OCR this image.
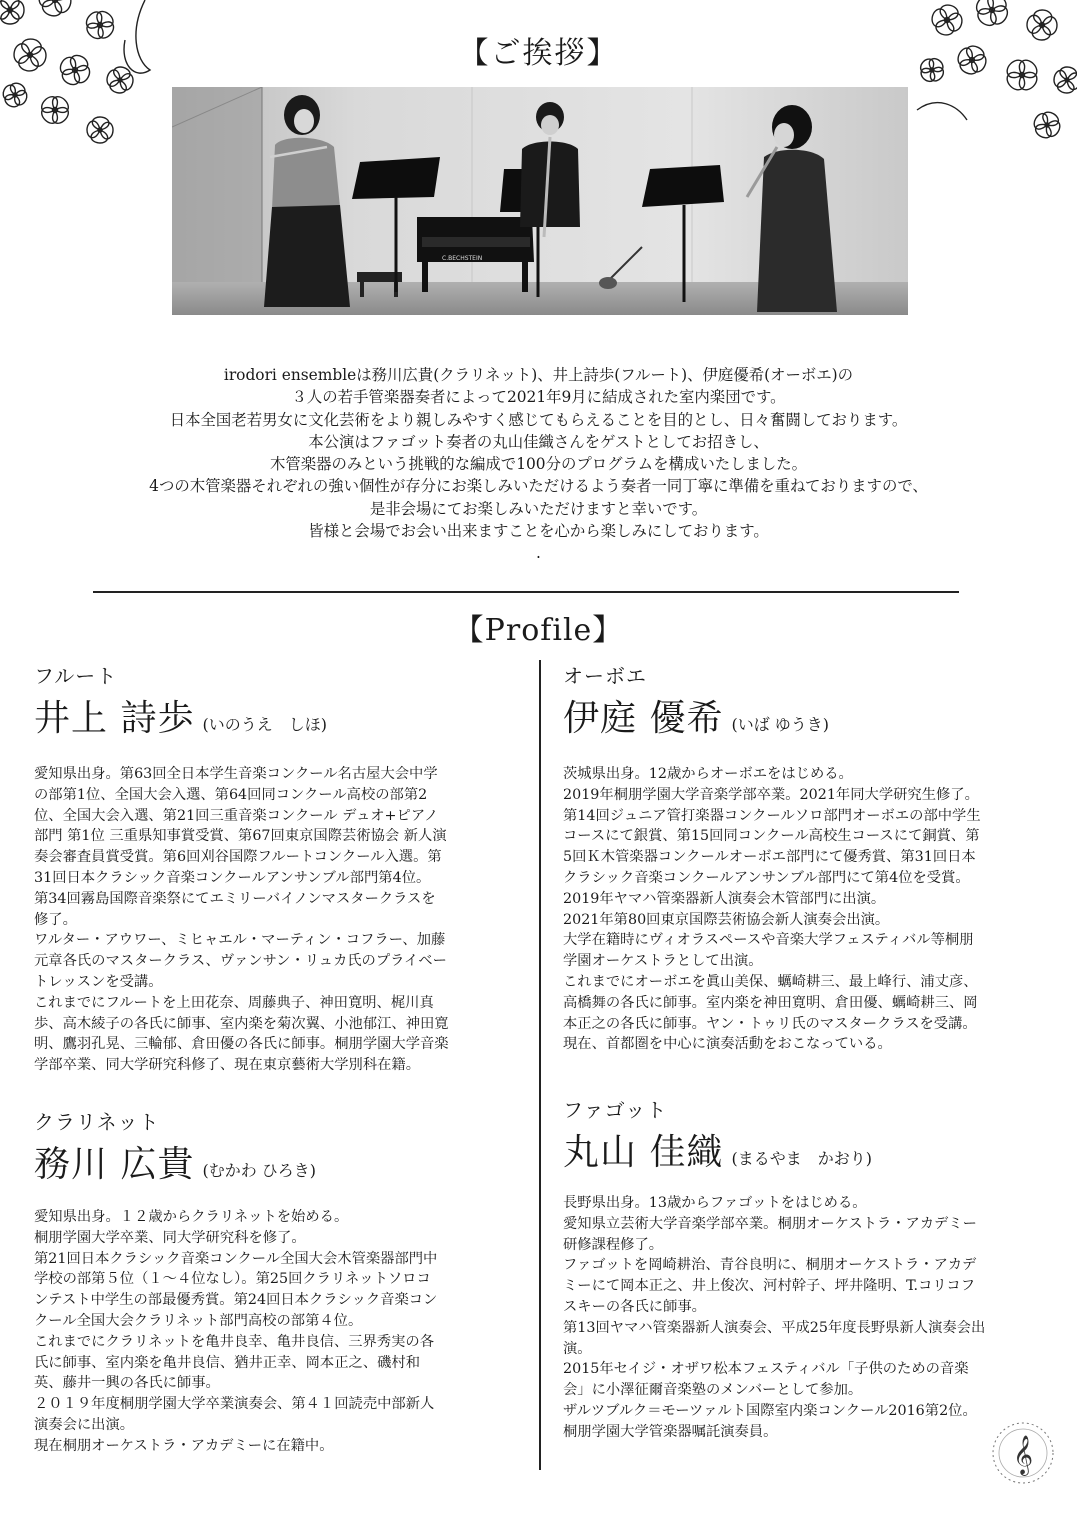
【ご挨拶】
C.BECHSTEIN
irodori ensembleは務川広貴(クラリネット)、井上詩歩(フルート)、伊庭優希(オーボエ)の
３人の若手管楽器奏者によって2021年9月に結成された室内楽団です。
日本全国老若男女に文化芸術をより親しみやすく感じてもらえることを目的とし、日々奮闘しております。
本公演はファゴット奏者の丸山佳織さんをゲストとしてお招きし、
木管楽器のみという挑戦的な編成で100分のプログラムを構成いたしました。
4つの木管楽器それぞれの強い個性が存分にお楽しみいただけるよう奏者一同丁寧に準備を重ねておりますので、
是非会場にてお楽しみいただけますと幸いです。
皆様と会場でお会い出来ますことを心から楽しみにしております。
.
【Profile】
フルート
井上 詩歩 (いのうえ　しほ)
愛知県出身。第63回全日本学生音楽コンクール名古屋大会中学
の部第1位、全国大会入選、第64回同コンクール高校の部第2
位、全国大会入選、第21回三重音楽コンクール デュオ+ピアノ
部門 第1位 三重県知事賞受賞、第67回東京国際芸術協会 新人演
奏会審査員賞受賞。第6回刈谷国際フルートコンクール入選。第
31回日本クラシック音楽コンクールアンサンブル部門第4位。
第34回霧島国際音楽祭にてエミリーバイノンマスタークラスを
修了。
ワルター・アウワー、ミヒャエル・マーティン・コフラー、加藤
元章各氏のマスタークラス、ヴァンサン・リュカ氏のプライベー
トレッスンを受講。
これまでにフルートを上田花奈、周藤典子、神田寛明、梶川真
歩、高木綾子の各氏に師事、室内楽を菊次翼、小池郁江、神田寛
明、鷹羽孔晃、三輪郁、倉田優の各氏に師事。桐朋学園大学音楽
学部卒業、同大学研究科修了、現在東京藝術大学別科在籍。
オーボエ
伊庭 優希 (いば ゆうき)
茨城県出身。12歳からオーボエをはじめる。
2019年桐朋学園大学音楽学部卒業。2021年同大学研究生修了。
第14回ジュニア管打楽器コンクールソロ部門オーボエの部中学生
コースにて銀賞、第15回同コンクール高校生コースにて銅賞、第
5回Ｋ木管楽器コンクールオーボエ部門にて優秀賞、第31回日本
クラシック音楽コンクールアンサンブル部門にて第4位を受賞。
2019年ヤマハ管楽器新人演奏会木管部門に出演。
2021年第80回東京国際芸術協会新人演奏会出演。
大学在籍時にヴィオラスペースや音楽大学フェスティバル等桐朋
学園オーケストラとして出演。
これまでにオーボエを眞山美保、蠣崎耕三、最上峰行、浦丈彦、
高橋舞の各氏に師事。室内楽を神田寛明、倉田優、蠣崎耕三、岡
本正之の各氏に師事。ヤン・トゥリ氏のマスタークラスを受講。
現在、首都圏を中心に演奏活動をおこなっている。
クラリネット
務川 広貴 (むかわ ひろき)
愛知県出身。１２歳からクラリネットを始める。
桐朋学園大学卒業、同大学研究科を修了。
第21回日本クラシック音楽コンクール全国大会木管楽器部門中
学校の部第５位（１～４位なし）。第25回クラリネットソロコ
ンテスト中学生の部最優秀賞。第24回日本クラシック音楽コン
クール全国大会クラリネット部門高校の部第４位。
これまでにクラリネットを亀井良幸、亀井良信、三界秀実の各
氏に師事、室内楽を亀井良信、猶井正幸、岡本正之、磯村和
英、藤井一興の各氏に師事。
２０１９年度桐朋学園大学卒業演奏会、第４１回読売中部新人
演奏会に出演。
現在桐朋オーケストラ・アカデミーに在籍中。
ファゴット
丸山 佳織 (まるやま　かおり)
長野県出身。13歳からファゴットをはじめる。
愛知県立芸術大学音楽学部卒業。桐朋オーケストラ・アカデミー
研修課程修了。
ファゴットを岡崎耕治、青谷良明に、桐朋オーケストラ・アカデ
ミーにて岡本正之、井上俊次、河村幹子、坪井隆明、T.コリコフ
スキーの各氏に師事。
第13回ヤマハ管楽器新人演奏会、平成25年度長野県新人演奏会出
演。
2015年セイジ・オザワ松本フェスティバル「子供のための音楽
会」に小澤征爾音楽塾のメンバーとして参加。
ザルツブルク＝モーツァルト国際室内楽コンクール2016第2位。
桐朋学園大学管楽器嘱託演奏員。
𝄞
